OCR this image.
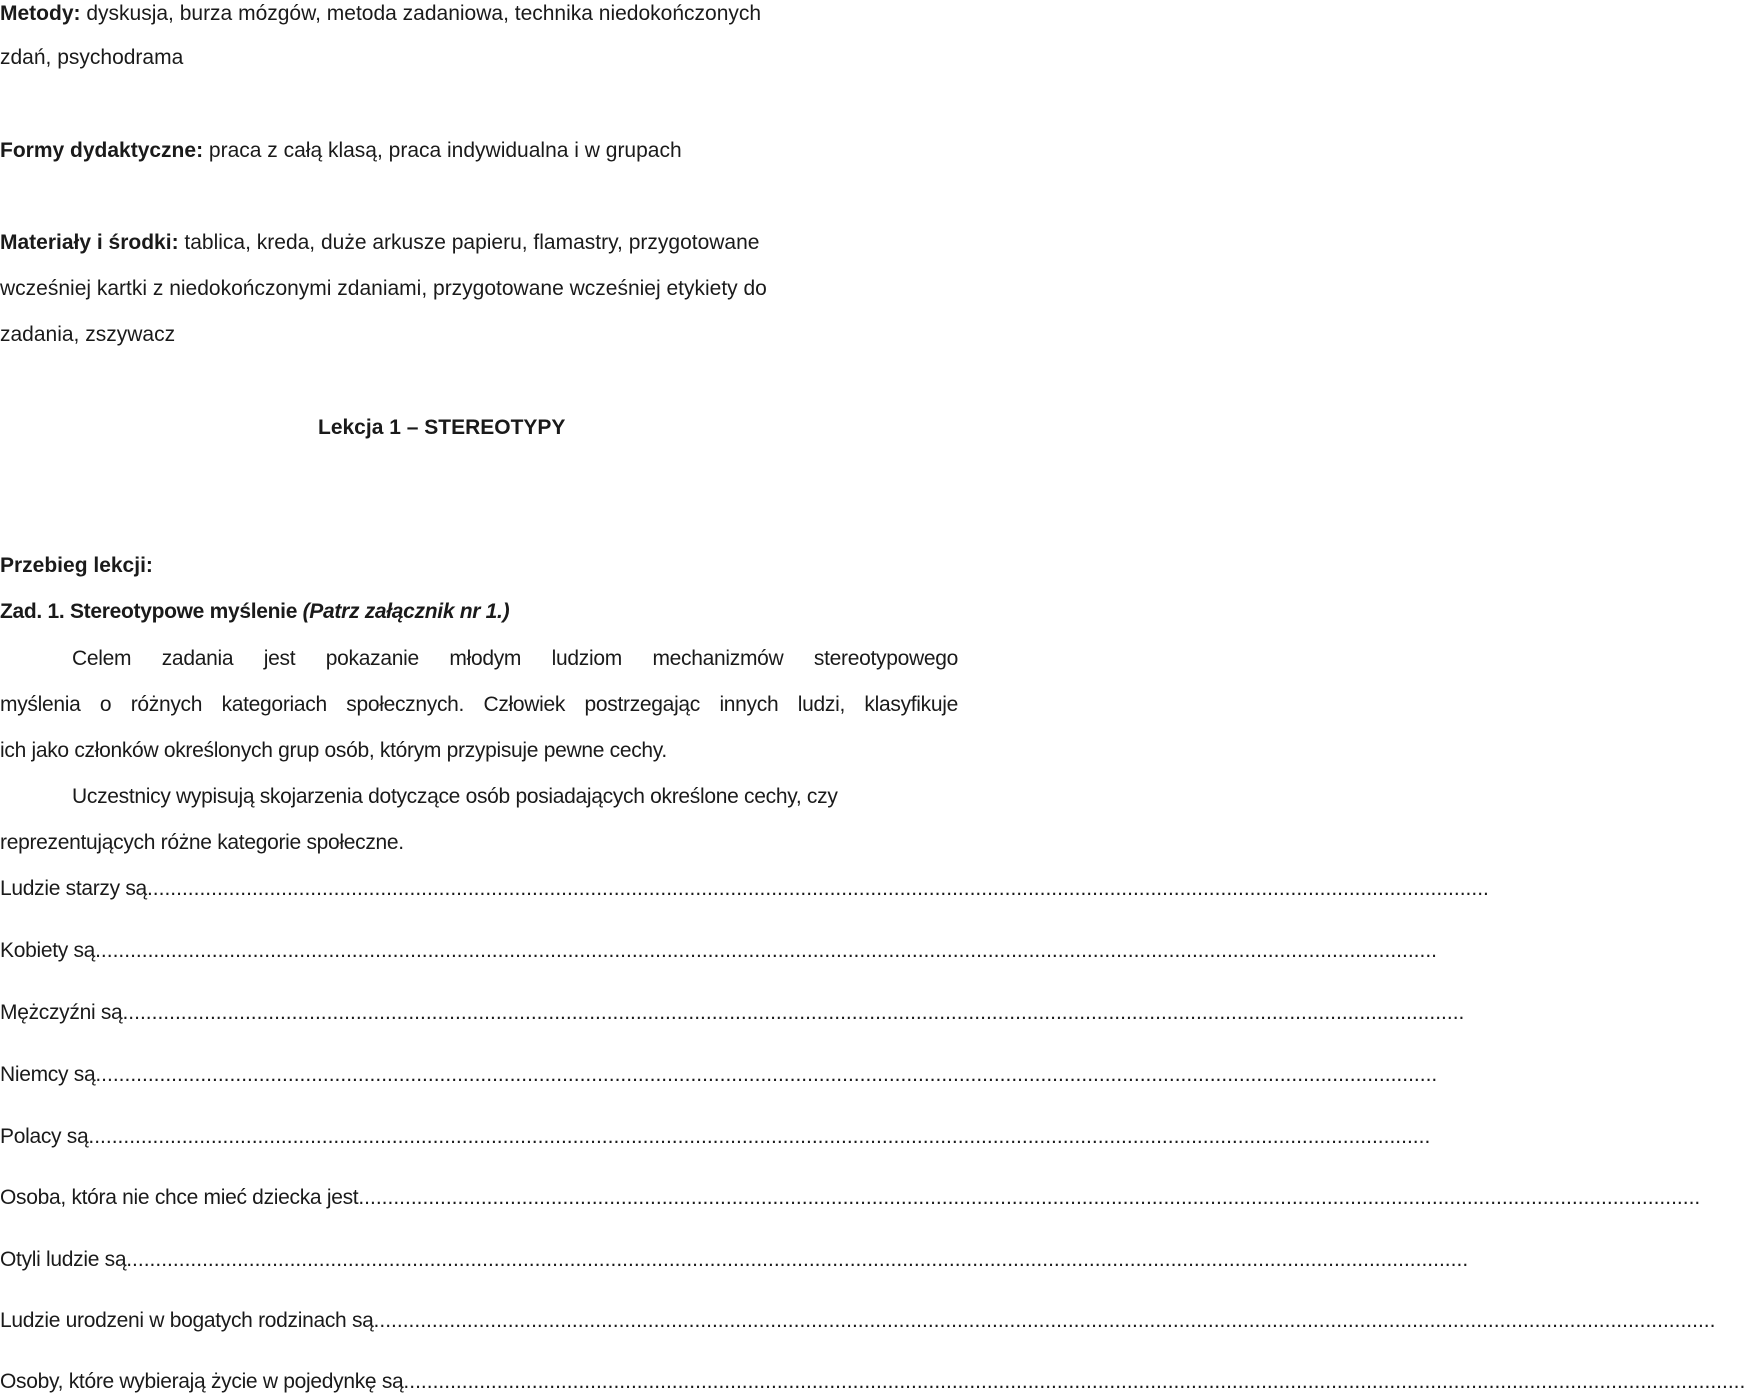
Metody: dyskusja, burza mózgów, metoda zadaniowa, technika niedokończonych
zdań, psychodrama
Formy dydaktyczne: praca z całą klasą, praca indywidualna i w grupach
Materiały i środki: tablica, kreda, duże arkusze papieru, flamastry, przygotowane
wcześniej kartki z niedokończonymi zdaniami, przygotowane wcześniej etykiety do
zadania, zszywacz
Lekcja 1 – STEREOTYPY
Przebieg lekcji:
Zad. 1. Stereotypowe myślenie (Patrz załącznik nr 1.)
Celem zadania jest pokazanie młodym ludziom mechanizmów stereotypowego
myślenia o różnych kategoriach społecznych. Człowiek postrzegając innych ludzi, klasyfikuje
ich jako członków określonych grup osób, którym przypisuje pewne cechy.
Uczestnicy wypisują skojarzenia dotyczące osób posiadających określone cechy, czy
reprezentujących różne kategorie społeczne.
Ludzie starzy są ......................................................................................................................................................................................................................................
Kobiety są ......................................................................................................................................................................................................................................
Mężczyźni są ......................................................................................................................................................................................................................................
Niemcy są ......................................................................................................................................................................................................................................
Polacy są ......................................................................................................................................................................................................................................
Osoba, która nie chce mieć dziecka jest ......................................................................................................................................................................................................................................
Otyli ludzie są ......................................................................................................................................................................................................................................
Ludzie urodzeni w bogatych rodzinach są ......................................................................................................................................................................................................................................
Osoby, które wybierają życie w pojedynkę są ......................................................................................................................................................................................................................................
